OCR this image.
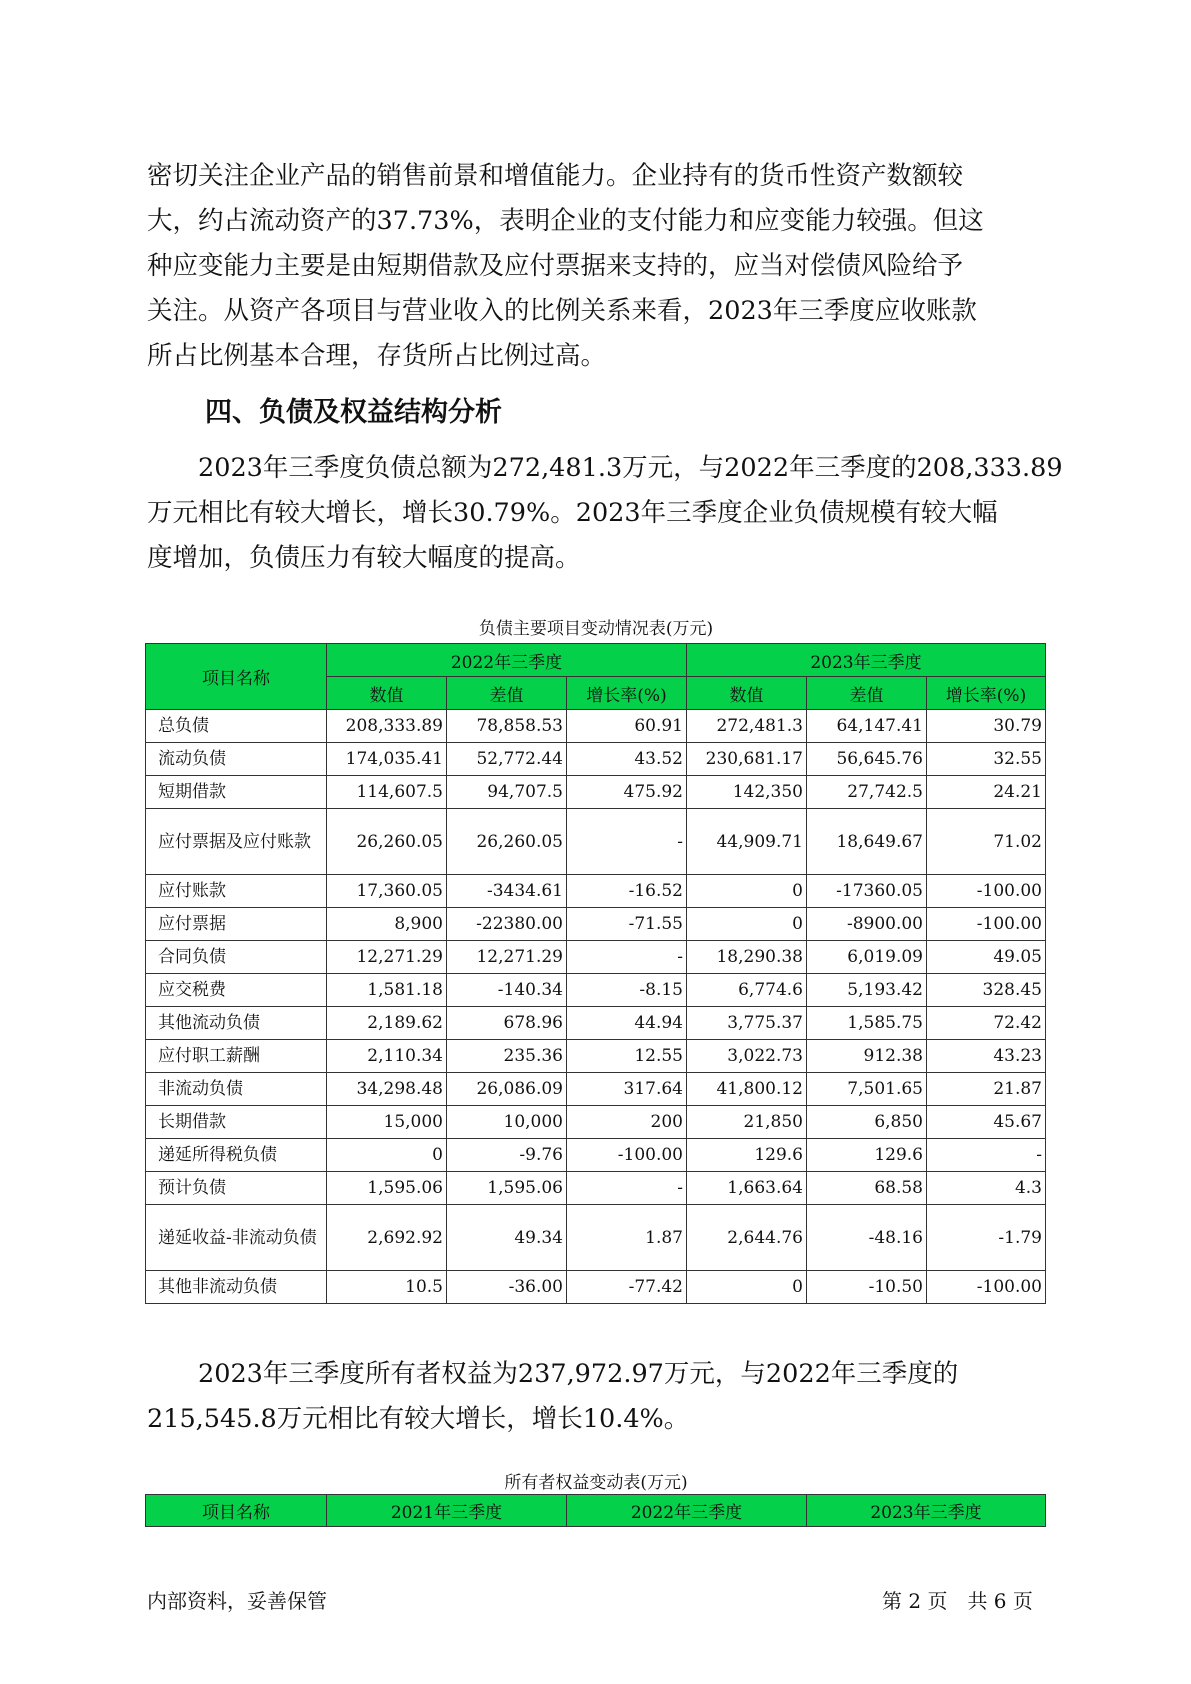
密切关注企业产品的销售前景和增值能力。企业持有的货币性资产数额较
大，约占流动资产的37.73%，表明企业的支付能力和应变能力较强。但这
种应变能力主要是由短期借款及应付票据来支持的，应当对偿债风险给予
关注。从资产各项目与营业收入的比例关系来看，2023年三季度应收账款
所占比例基本合理，存货所占比例过高。

四、负债及权益结构分析

　　2023年三季度负债总额为272,481.3万元，与2022年三季度的208,333.89
万元相比有较大增长，增长30.79%。2023年三季度企业负债规模有较大幅
度增加，负债压力有较大幅度的提高。

负债主要项目变动情况表(万元)
项目名称	2022年三季度			2023年三季度		
	数值	差值	增长率(%)	数值	差值	增长率(%)
总负债	208,333.89	78,858.53	60.91	272,481.3	64,147.41	30.79
流动负债	174,035.41	52,772.44	43.52	230,681.17	56,645.76	32.55
短期借款	114,607.5	94,707.5	475.92	142,350	27,742.5	24.21
应付票据及应付账款	26,260.05	26,260.05	-	44,909.71	18,649.67	71.02
应付账款	17,360.05	-3434.61	-16.52	0	-17360.05	-100.00
应付票据	8,900	-22380.00	-71.55	0	-8900.00	-100.00
合同负债	12,271.29	12,271.29	-	18,290.38	6,019.09	49.05
应交税费	1,581.18	-140.34	-8.15	6,774.6	5,193.42	328.45
其他流动负债	2,189.62	678.96	44.94	3,775.37	1,585.75	72.42
应付职工薪酬	2,110.34	235.36	12.55	3,022.73	912.38	43.23
非流动负债	34,298.48	26,086.09	317.64	41,800.12	7,501.65	21.87
长期借款	15,000	10,000	200	21,850	6,850	45.67
递延所得税负债	0	-9.76	-100.00	129.6	129.6	-
预计负债	1,595.06	1,595.06	-	1,663.64	68.58	4.3
递延收益-非流动负债	2,692.92	49.34	1.87	2,644.76	-48.16	-1.79
其他非流动负债	10.5	-36.00	-77.42	0	-10.50	-100.00

　　2023年三季度所有者权益为237,972.97万元，与2022年三季度的
215,545.8万元相比有较大增长，增长10.4%。

所有者权益变动表(万元)
项目名称	2021年三季度	2022年三季度	2023年三季度
内部资料，妥善保管	第 2 页　共 6 页
